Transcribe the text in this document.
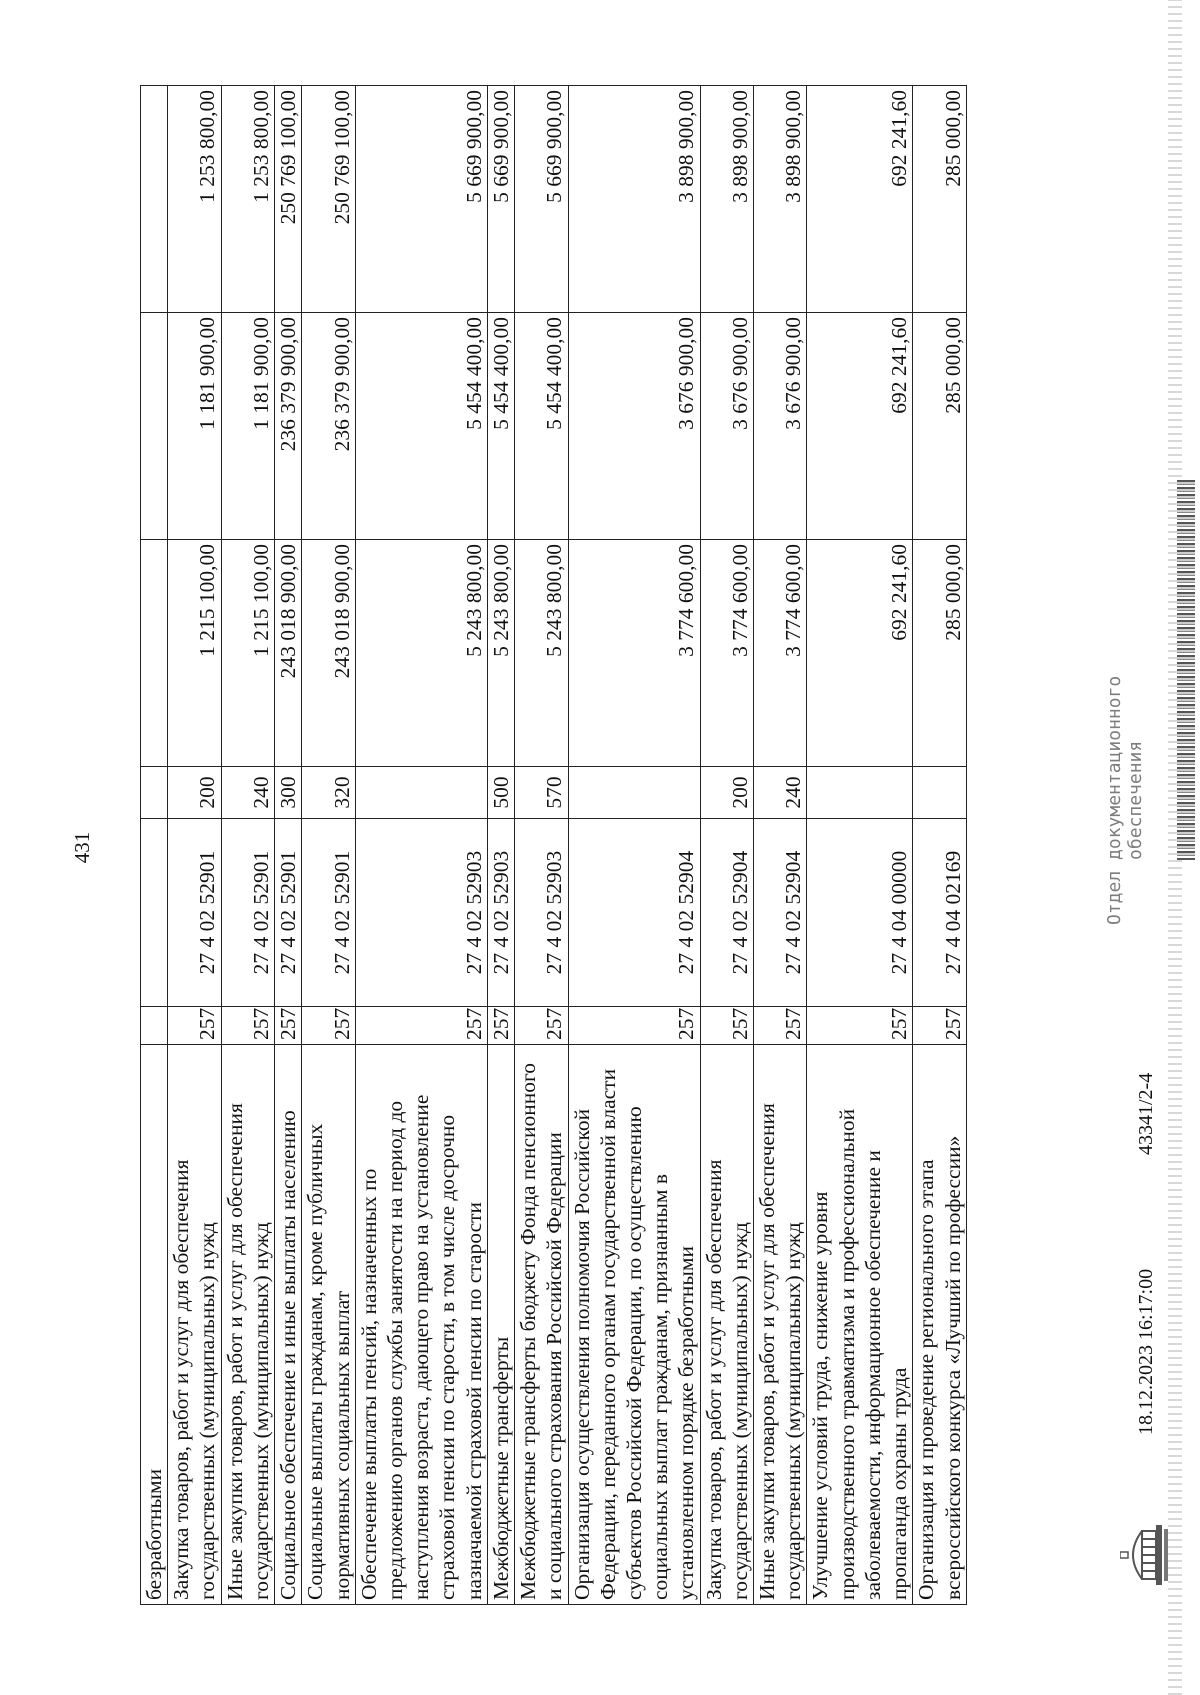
431
безработными						
Закупка товаров, работ и услуг для обеспечения государственных (муниципальных) нужд	257	27 4 02 52901	200	1 215 100,00	1 181 900,00	1 253 800,00
Иные закупки товаров, работ и услуг для обеспечения государственных (муниципальных) нужд	257	27 4 02 52901	240	1 215 100,00	1 181 900,00	1 253 800,00
Социальное обеспечение и иные выплаты населению	257	27 4 02 52901	300	243 018 900,00	236 379 900,00	250 769 100,00
Социальные выплаты гражданам, кроме публичных нормативных социальных выплат	257	27 4 02 52901	320	243 018 900,00	236 379 900,00	250 769 100,00
Обеспечение выплаты пенсий, назначенных по предложению органов службы занятости на период до наступления возраста, дающего право на установление страховой пенсии по старости, в том числе досрочно назначаемой страховой пенсии по старости	257	27 4 02 52903		5 243 800,00	5 454 400,00	5 669 900,00
Межбюджетные трансферты	257	27 4 02 52903	500	5 243 800,00	5 454 400,00	5 669 900,00
Межбюджетные трансферты бюджету Фонда пенсионного и социального страхования Российской Федерации	257	27 4 02 52903	570	5 243 800,00	5 454 400,00	5 669 900,00
Организация осуществления полномочия Российской Федерации, переданного органам государственной власти субъектов Российской Федерации, по осуществлению социальных выплат гражданам, признанным в установленном порядке безработными	257	27 4 02 52904		3 774 600,00	3 676 900,00	3 898 900,00
Закупка товаров, работ и услуг для обеспечения государственных (муниципальных) нужд	257	27 4 02 52904	200	3 774 600,00	3 676 900,00	3 898 900,00
Иные закупки товаров, работ и услуг для обеспечения государственных (муниципальных) нужд	257	27 4 02 52904	240	3 774 600,00	3 676 900,00	3 898 900,00
Улучшение условий труда, снижение уровня производственного травматизма и профессиональной заболеваемости, информационное обеспечение и пропаганда охраны труда	257	27 4 04 00000		692 241,60	692 241,60	692 241,60
Организация и проведение регионального этапа всероссийского конкурса «Лучший по профессии»	257	27 4 04 02169		285 000,00	285 000,00	285 000,00
18.12.2023 16:17:00
43341/2-4
Отдел документационного обеспечения
